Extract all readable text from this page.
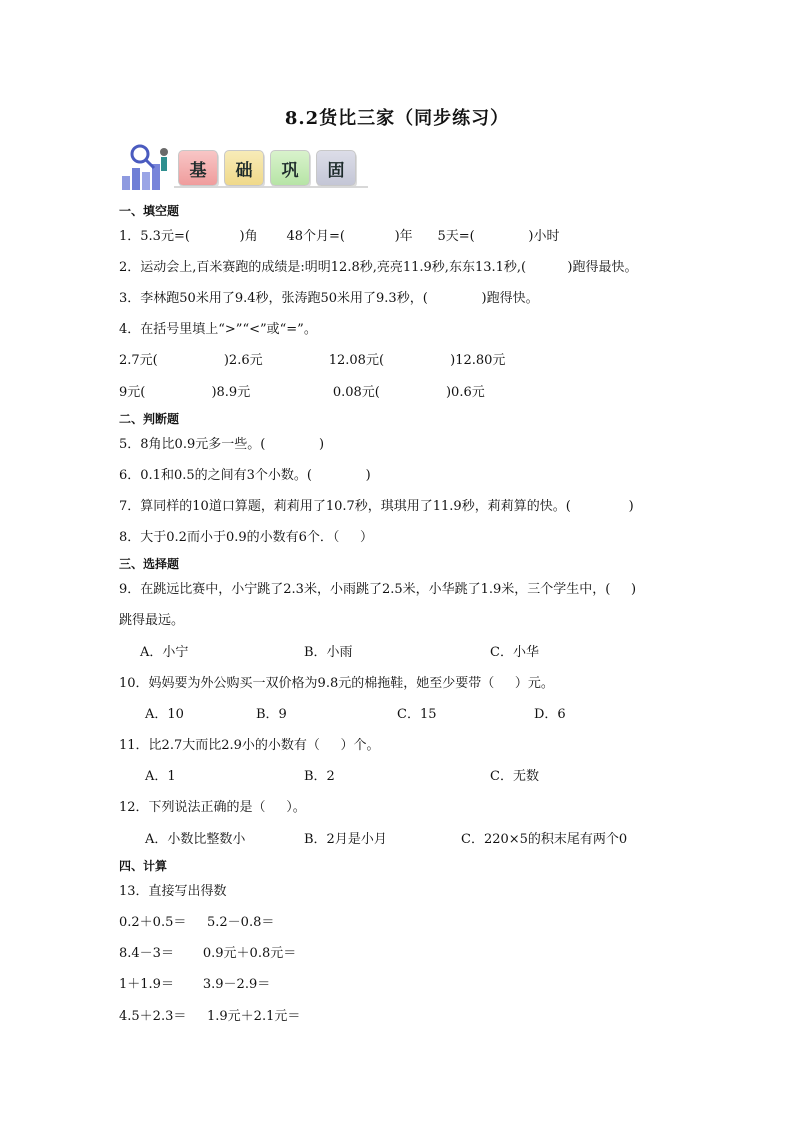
8.2货比三家（同步练习）
基	础	巩	固
一、填空题
1．5.3元=(            )角       48个月=(            )年      5天=(             )小时
2．运动会上,百米赛跑的成绩是:明明12.8秒,亮亮11.9秒,东东13.1秒,(          )跑得最快。
3．李林跑50米用了9.4秒，张涛跑50米用了9.3秒，(             )跑得快。
4．在括号里填上“>”“<”或“=”。
2.7元(                )2.6元                12.08元(                )12.80元
9元(                )8.9元                    0.08元(                )0.6元
二、判断题
5．8角比0.9元多一些。(             )
6．0.1和0.5的之间有3个小数。(             )
7．算同样的10道口算题，莉莉用了10.7秒，琪琪用了11.9秒，莉莉算的快。(              )
8．大于0.2而小于0.9的小数有6个．（     ）
三、选择题
9．在跳远比赛中，小宁跳了2.3米，小雨跳了2.5米，小华跳了1.9米，三个学生中，(     )
跳得最远。
A．小宁	B．小雨	C．小华
10．妈妈要为外公购买一双价格为9.8元的棉拖鞋，她至少要带（     ）元。
A．10	B．9	C．15	D．6
11．比2.7大而比2.9小的小数有（     ）个。
A．1	B．2	C．无数
12．下列说法正确的是（     ）。
A．小数比整数小	B．2月是小月	C．220×5的积末尾有两个0
四、计算
13．直接写出得数
0.2＋0.5＝     5.2－0.8＝
8.4－3＝       0.9元＋0.8元＝
1＋1.9＝       3.9－2.9＝
4.5＋2.3＝     1.9元＋2.1元＝
